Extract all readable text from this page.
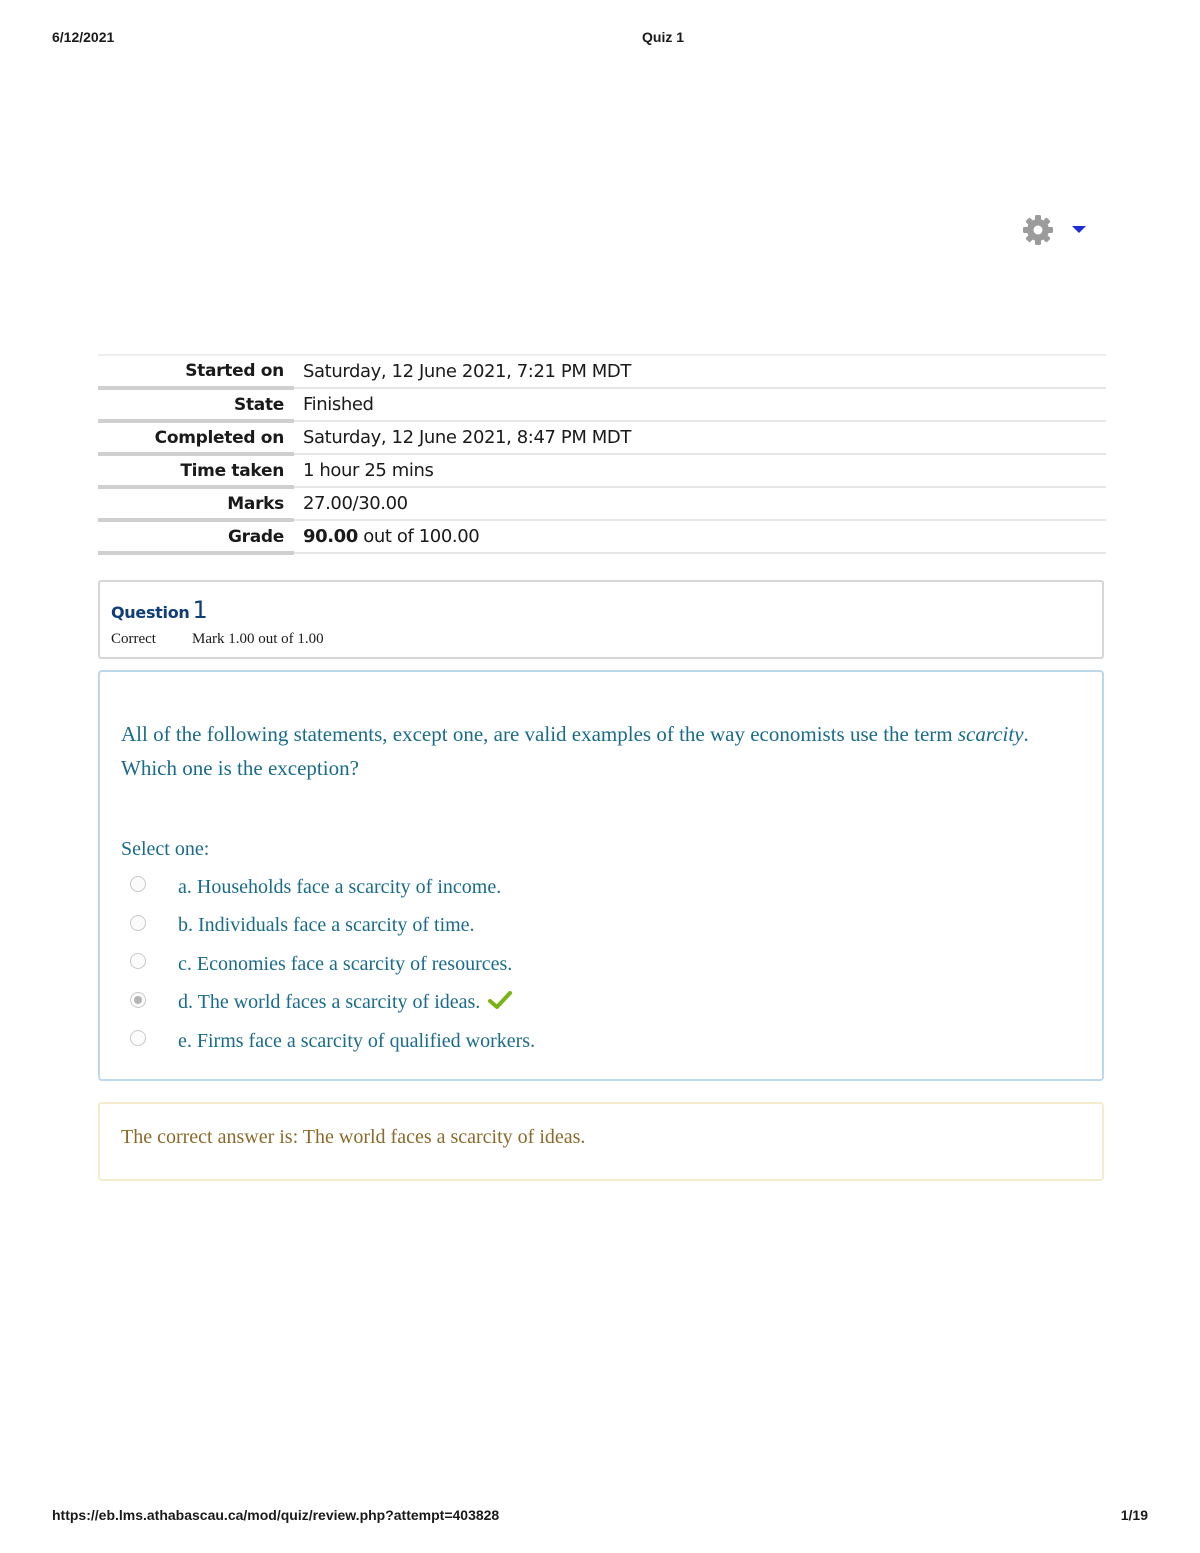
6/12/2021	Quiz 1
Started on	Saturday, 12 June 2021, 7:21 PM MDT
State	Finished
Completed on	Saturday, 12 June 2021, 8:47 PM MDT
Time taken	1 hour 25 mins
Marks	27.00/30.00
Grade	90.00 out of 100.00
Question 1
Correct Mark 1.00 out of 1.00
All of the following statements, except one, are valid examples of the way economists use the term scarcity. Which one is the exception?
Select one:
a. Households face a scarcity of income.
b. Individuals face a scarcity of time.
c. Economies face a scarcity of resources.
d. The world faces a scarcity of ideas.
e. Firms face a scarcity of qualified workers.
The correct answer is: The world faces a scarcity of ideas.
https://eb.lms.athabascau.ca/mod/quiz/review.php?attempt=403828	1/19
